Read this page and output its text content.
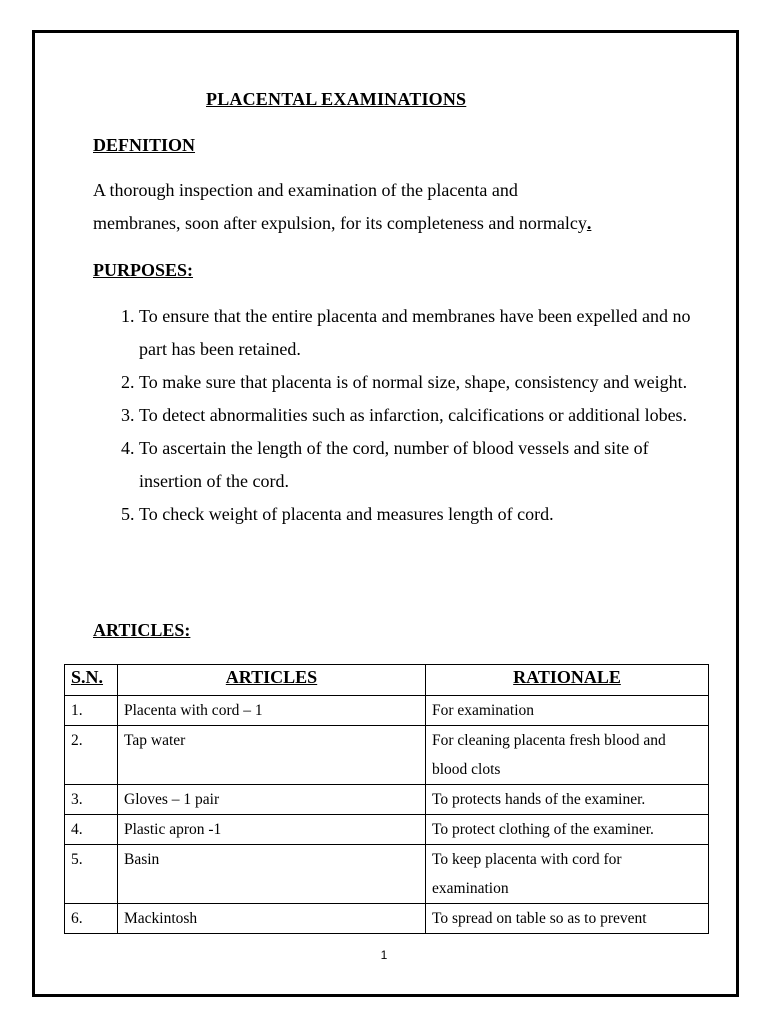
PLACENTAL EXAMINATIONS
DEFNITION
A thorough inspection and examination of the placenta and
membranes, soon after expulsion, for its completeness and normalcy.
PURPOSES:
1. To ensure that the entire placenta and membranes have been expelled and no part has been retained.
2. To make sure that placenta is of normal size, shape, consistency and weight.
3. To detect abnormalities such as infarction, calcifications or additional lobes.
4. To ascertain the length of the cord, number of blood vessels and site of insertion of the cord.
5. To check weight of placenta and measures length of cord.
ARTICLES:
S.N.	ARTICLES	RATIONALE
1.	Placenta with cord – 1	For examination
2.	Tap water	For cleaning placenta fresh blood and blood clots
3.	Gloves – 1 pair	To protects hands of the examiner.
4.	Plastic apron -1	To protect clothing of the examiner.
5.	Basin	To keep placenta with cord for examination
6.	Mackintosh	To spread on table so as to prevent
1
